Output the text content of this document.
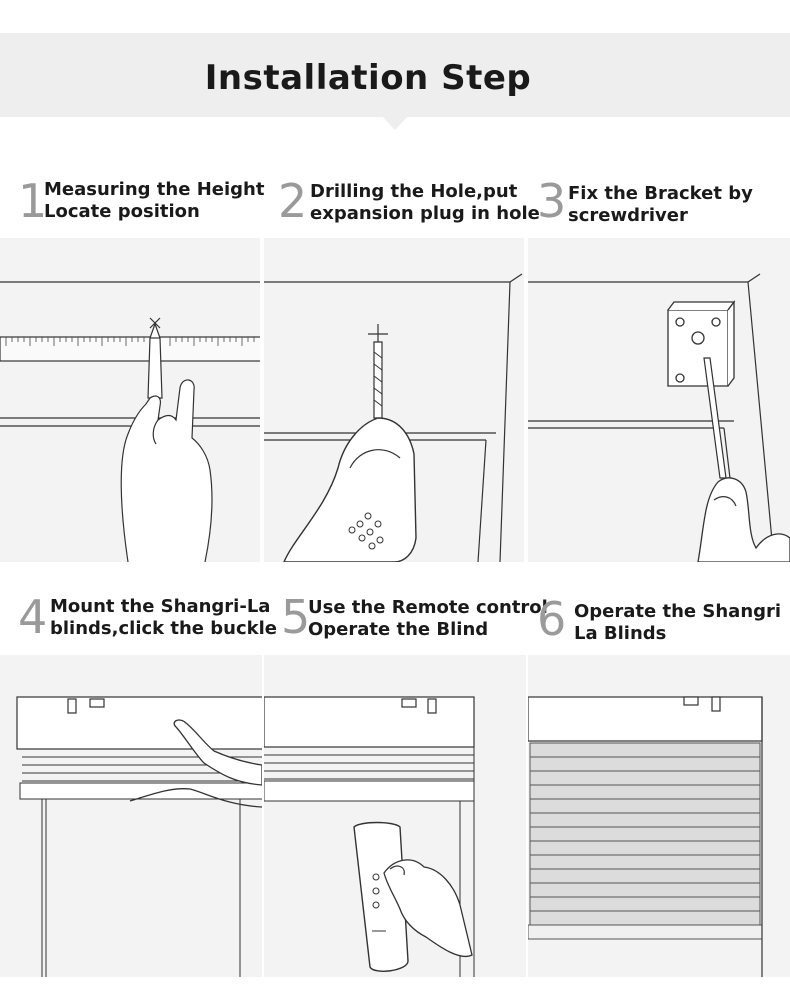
Installation Step
1
Measuring the Height
Locate position	2 Drilling the Hole,put
expansion plug in hole
3 Fix the Bracket by
screwdriver
4 Mount the Shangri-La
blinds,click the buckle 5
Use the Remote control
Operate the Blind	6 Operate the Shangri
La Blinds
